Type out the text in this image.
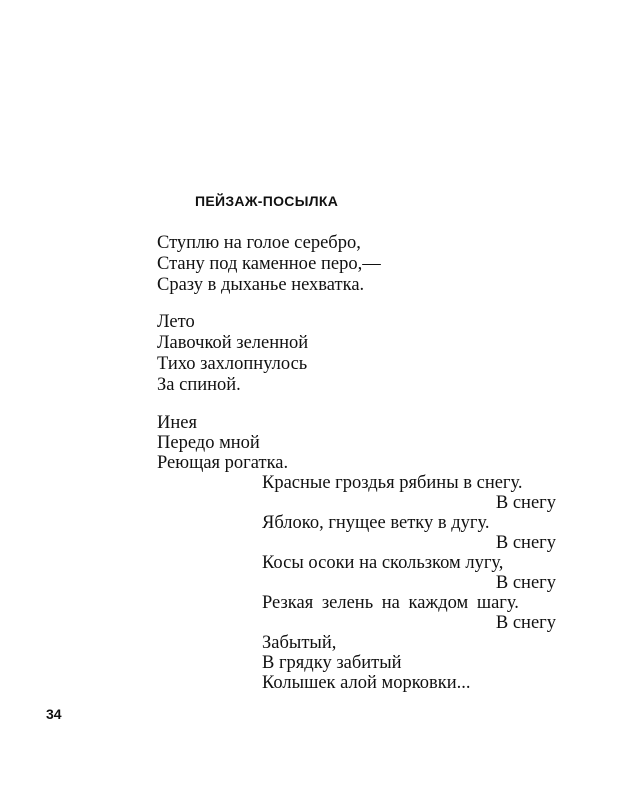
ПЕЙЗАЖ-ПОСЫЛКА
Ступлю на голое серебро,
Стану под каменное перо,—
Сразу в дыханье нехватка.
Лето
Лавочкой зеленной
Тихо захлопнулось
За спиной.
Инея
Передо мной
Реющая рогатка.
Красные гроздья рябины в снегу.
В снегу
Яблоко, гнущее ветку в дугу.
В снегу
Косы осоки на скользком лугу,
В снегу
Резкая зелень на каждом шагу.
В снегу
Забытый,
В грядку забитый
Колышек алой морковки...
34
